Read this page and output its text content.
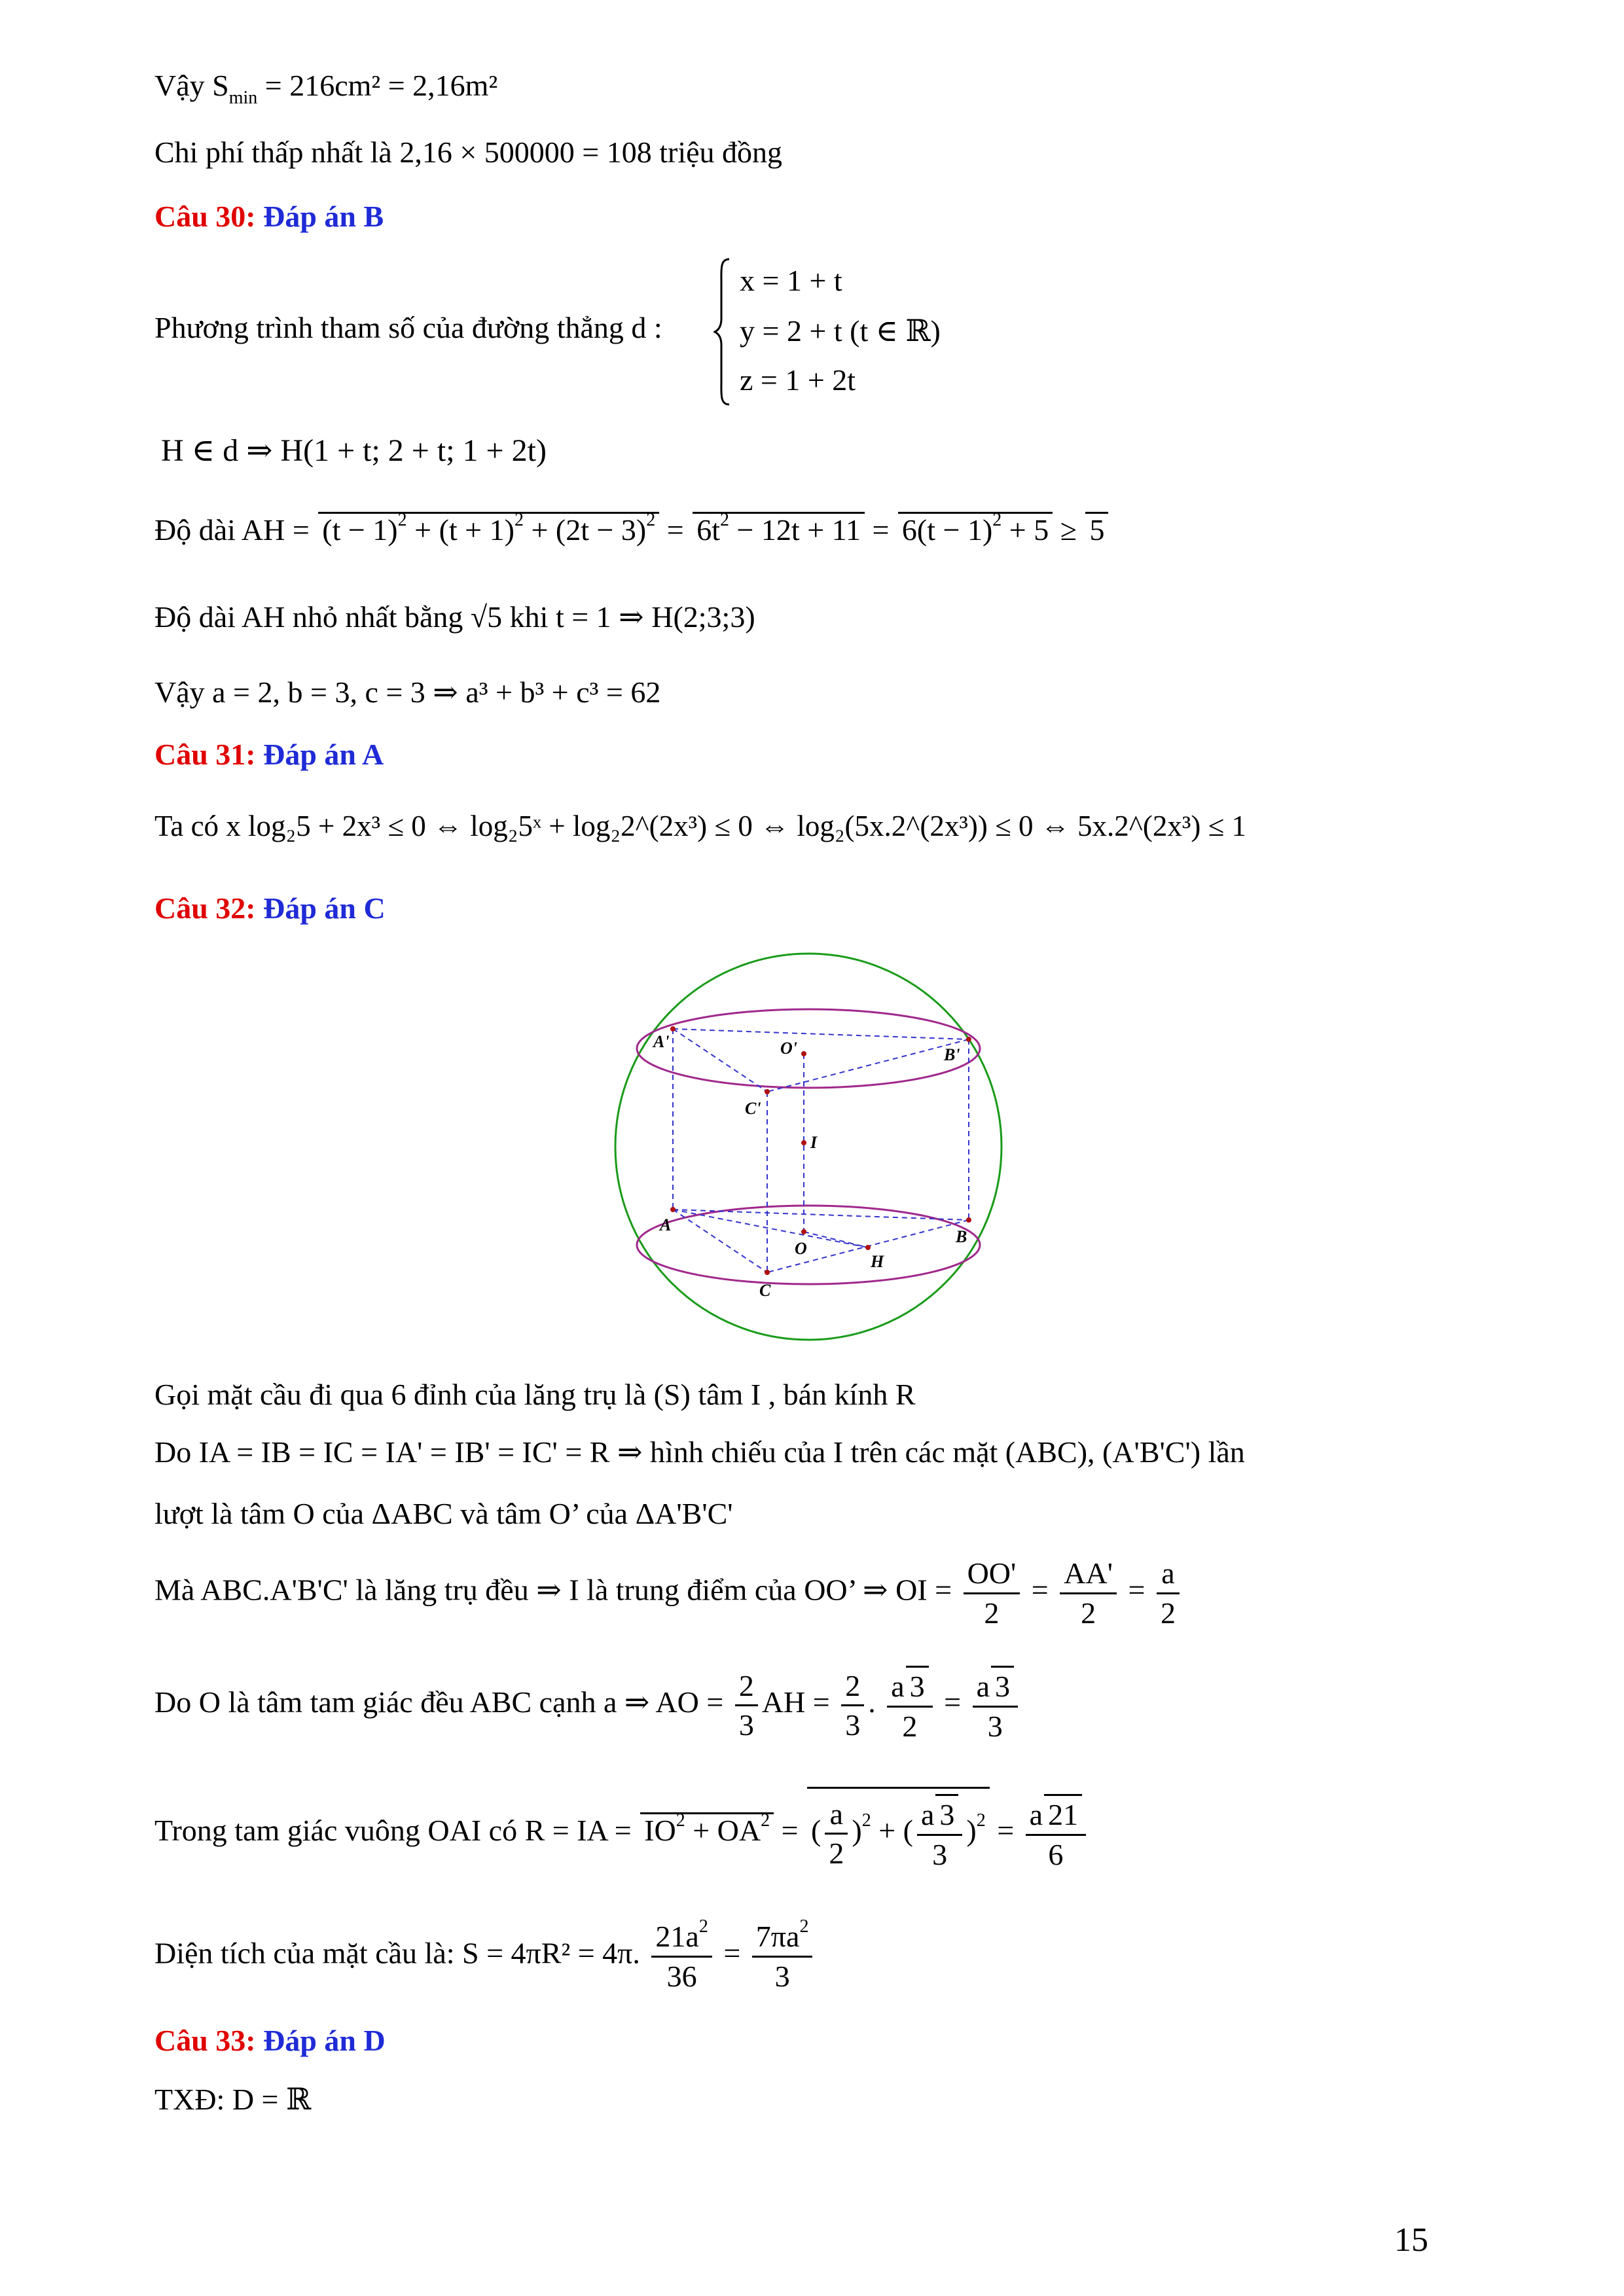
Vậy $S_{min} = 216cm^2 = 2,16m^2$
Chi phí thấp nhất là 2,16 × 500000 = 108 triệu đồng
Câu 30: Đáp án B
Phương trình tham số của đường thẳng d :
x = 1 + t
y = 2 + t (t ∈ ℝ)
z = 1 + 2t
H ∈ d ⇒ H(1 + t; 2 + t; 1 + 2t)
Độ dài AH = $(t - 1)^2 + (t + 1)^2 + (2t - 3)^2 = 6t^2 - 12t + 11 = 6(t - 1)^2 + 5 \ge 5$
Độ dài AH nhỏ nhất bằng √5 khi t = 1 ⇒ H(2;3;3)
Vậy a = 2, b = 3, c = 3 ⇒ a³ + b³ + c³ = 62
Câu 31: Đáp án A
Ta có x log₂5 + 2x³ ≤ 0 ⇔ log₂5ˣ + log₂2^(2x³) ≤ 0 ⇔ log₂(5x.2^(2x³)) ≤ 0 ⇔ 5x.2^(2x³) ≤ 1
Câu 32: Đáp án C
A'
B'
C'
O'
I
A
B
C
O
H
Gọi mặt cầu đi qua 6 đỉnh của lăng trụ là (S) tâm I , bán kính R
Do IA = IB = IC = IA' = IB' = IC' = R ⇒ hình chiếu của I trên các mặt (ABC), (A'B'C') lần
lượt là tâm O của ΔABC và tâm O’ của ΔA'B'C'
Mà ABC.A'B'C' là lăng trụ đều ⇒ I là trung điểm của OO’ ⇒ OI = $\frac{OO'}{2} = \frac{AA'}{2} = \frac{a}{2}$
Do O là tâm tam giác đều ABC cạnh a ⇒ AO = $\frac{2}{3}$ AH = $\frac{2}{3}$ . $\frac{a 3}{2} = \frac{a 3}{3}$
Trong tam giác vuông OAI có R = IA = $IO^2 + OA^2$ = ( $\frac{a}{2} )^2$ + ( $\frac{a 3}{3} )^2 = \frac{a 21}{6}$
Diện tích của mặt cầu là: S = 4πR² = 4π. $\frac{21a^2}{36} = \frac{7\pi a^2}{3}$
Câu 33: Đáp án D
TXĐ: D = ℝ
15
